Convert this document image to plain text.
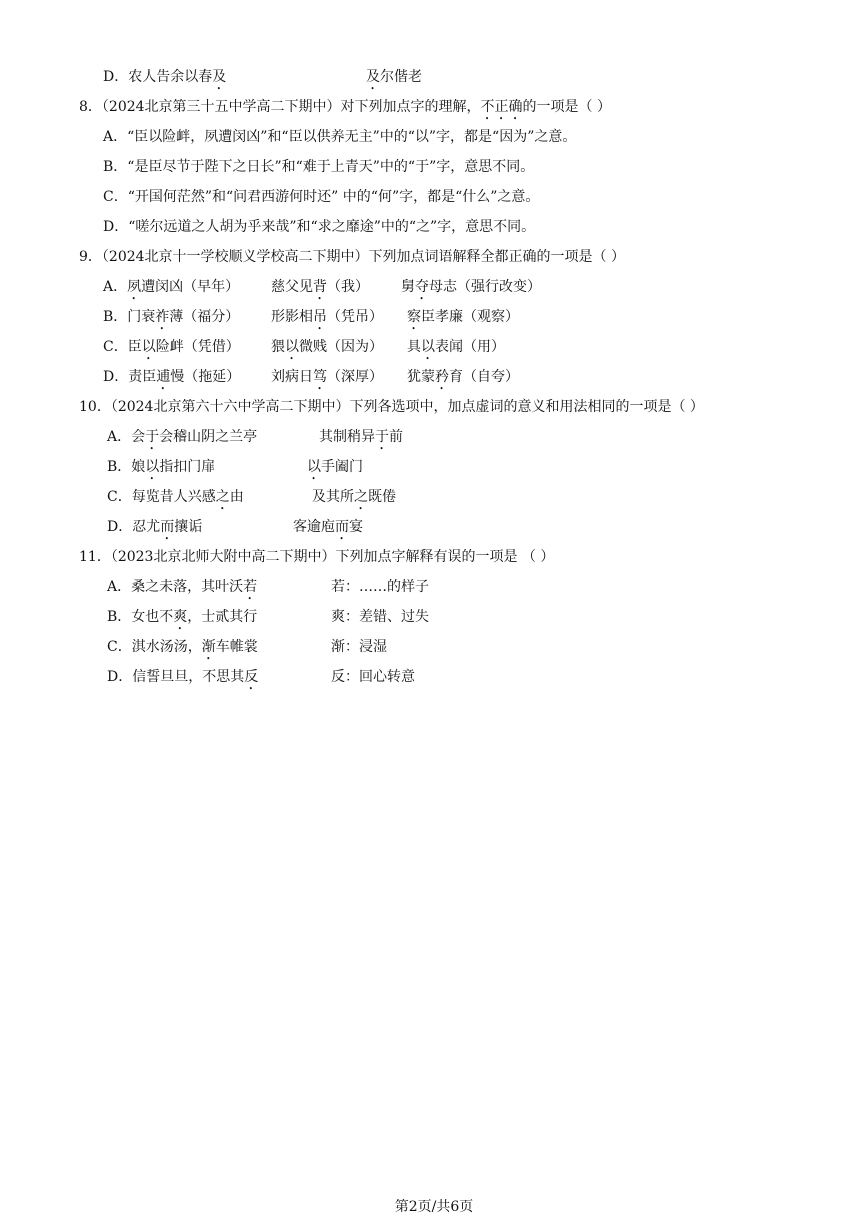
D．农人告余以春及	及尔偕老
8．（2024北京第三十五中学高二下期中）对下列加点字的理解，不正确的一项是（ ）
A．“臣以险衅，夙遭闵凶”和“臣以供养无主”中的“以”字，都是“因为”之意。
B．“是臣尽节于陛下之日长”和“难于上青天”中的“于”字，意思不同。
C．“开国何茫然”和“问君西游何时还” 中的“何”字，都是“什么”之意。
D．“嗟尔远道之人胡为乎来哉”和“求之靡途”中的“之”字，意思不同。
9．（2024北京十一学校顺义学校高二下期中）下列加点词语解释全都正确的一项是（ ）
A．夙遭闵凶（早年） 慈父见背（我） 舅夺母志（强行改变）
B．门衰祚薄（福分） 形影相吊（凭吊） 察臣孝廉（观察）
C．臣以险衅（凭借） 猥以微贱（因为） 具以表闻（用）
D．责臣逋慢（拖延） 刘病日笃（深厚） 犹蒙矜育（自夸）
10．（2024北京第六十六中学高二下期中）下列各选项中，加点虚词的意义和用法相同的一项是（ ）
A．会于会稽山阴之兰亭	其制稍异于前
B．娘以指扣门扉	以手阖门
C．每览昔人兴感之由	及其所之既倦
D．忍尤而攘诟	客逾庖而宴
11．（2023北京北师大附中高二下期中）下列加点字解释有误的一项是 （ ）
A．桑之未落，其叶沃若	若：……的样子
B．女也不爽，士贰其行	爽：差错、过失
C．淇水汤汤，渐车帷裳	渐：浸湿
D．信誓旦旦，不思其反	反：回心转意
第2页/共6页
